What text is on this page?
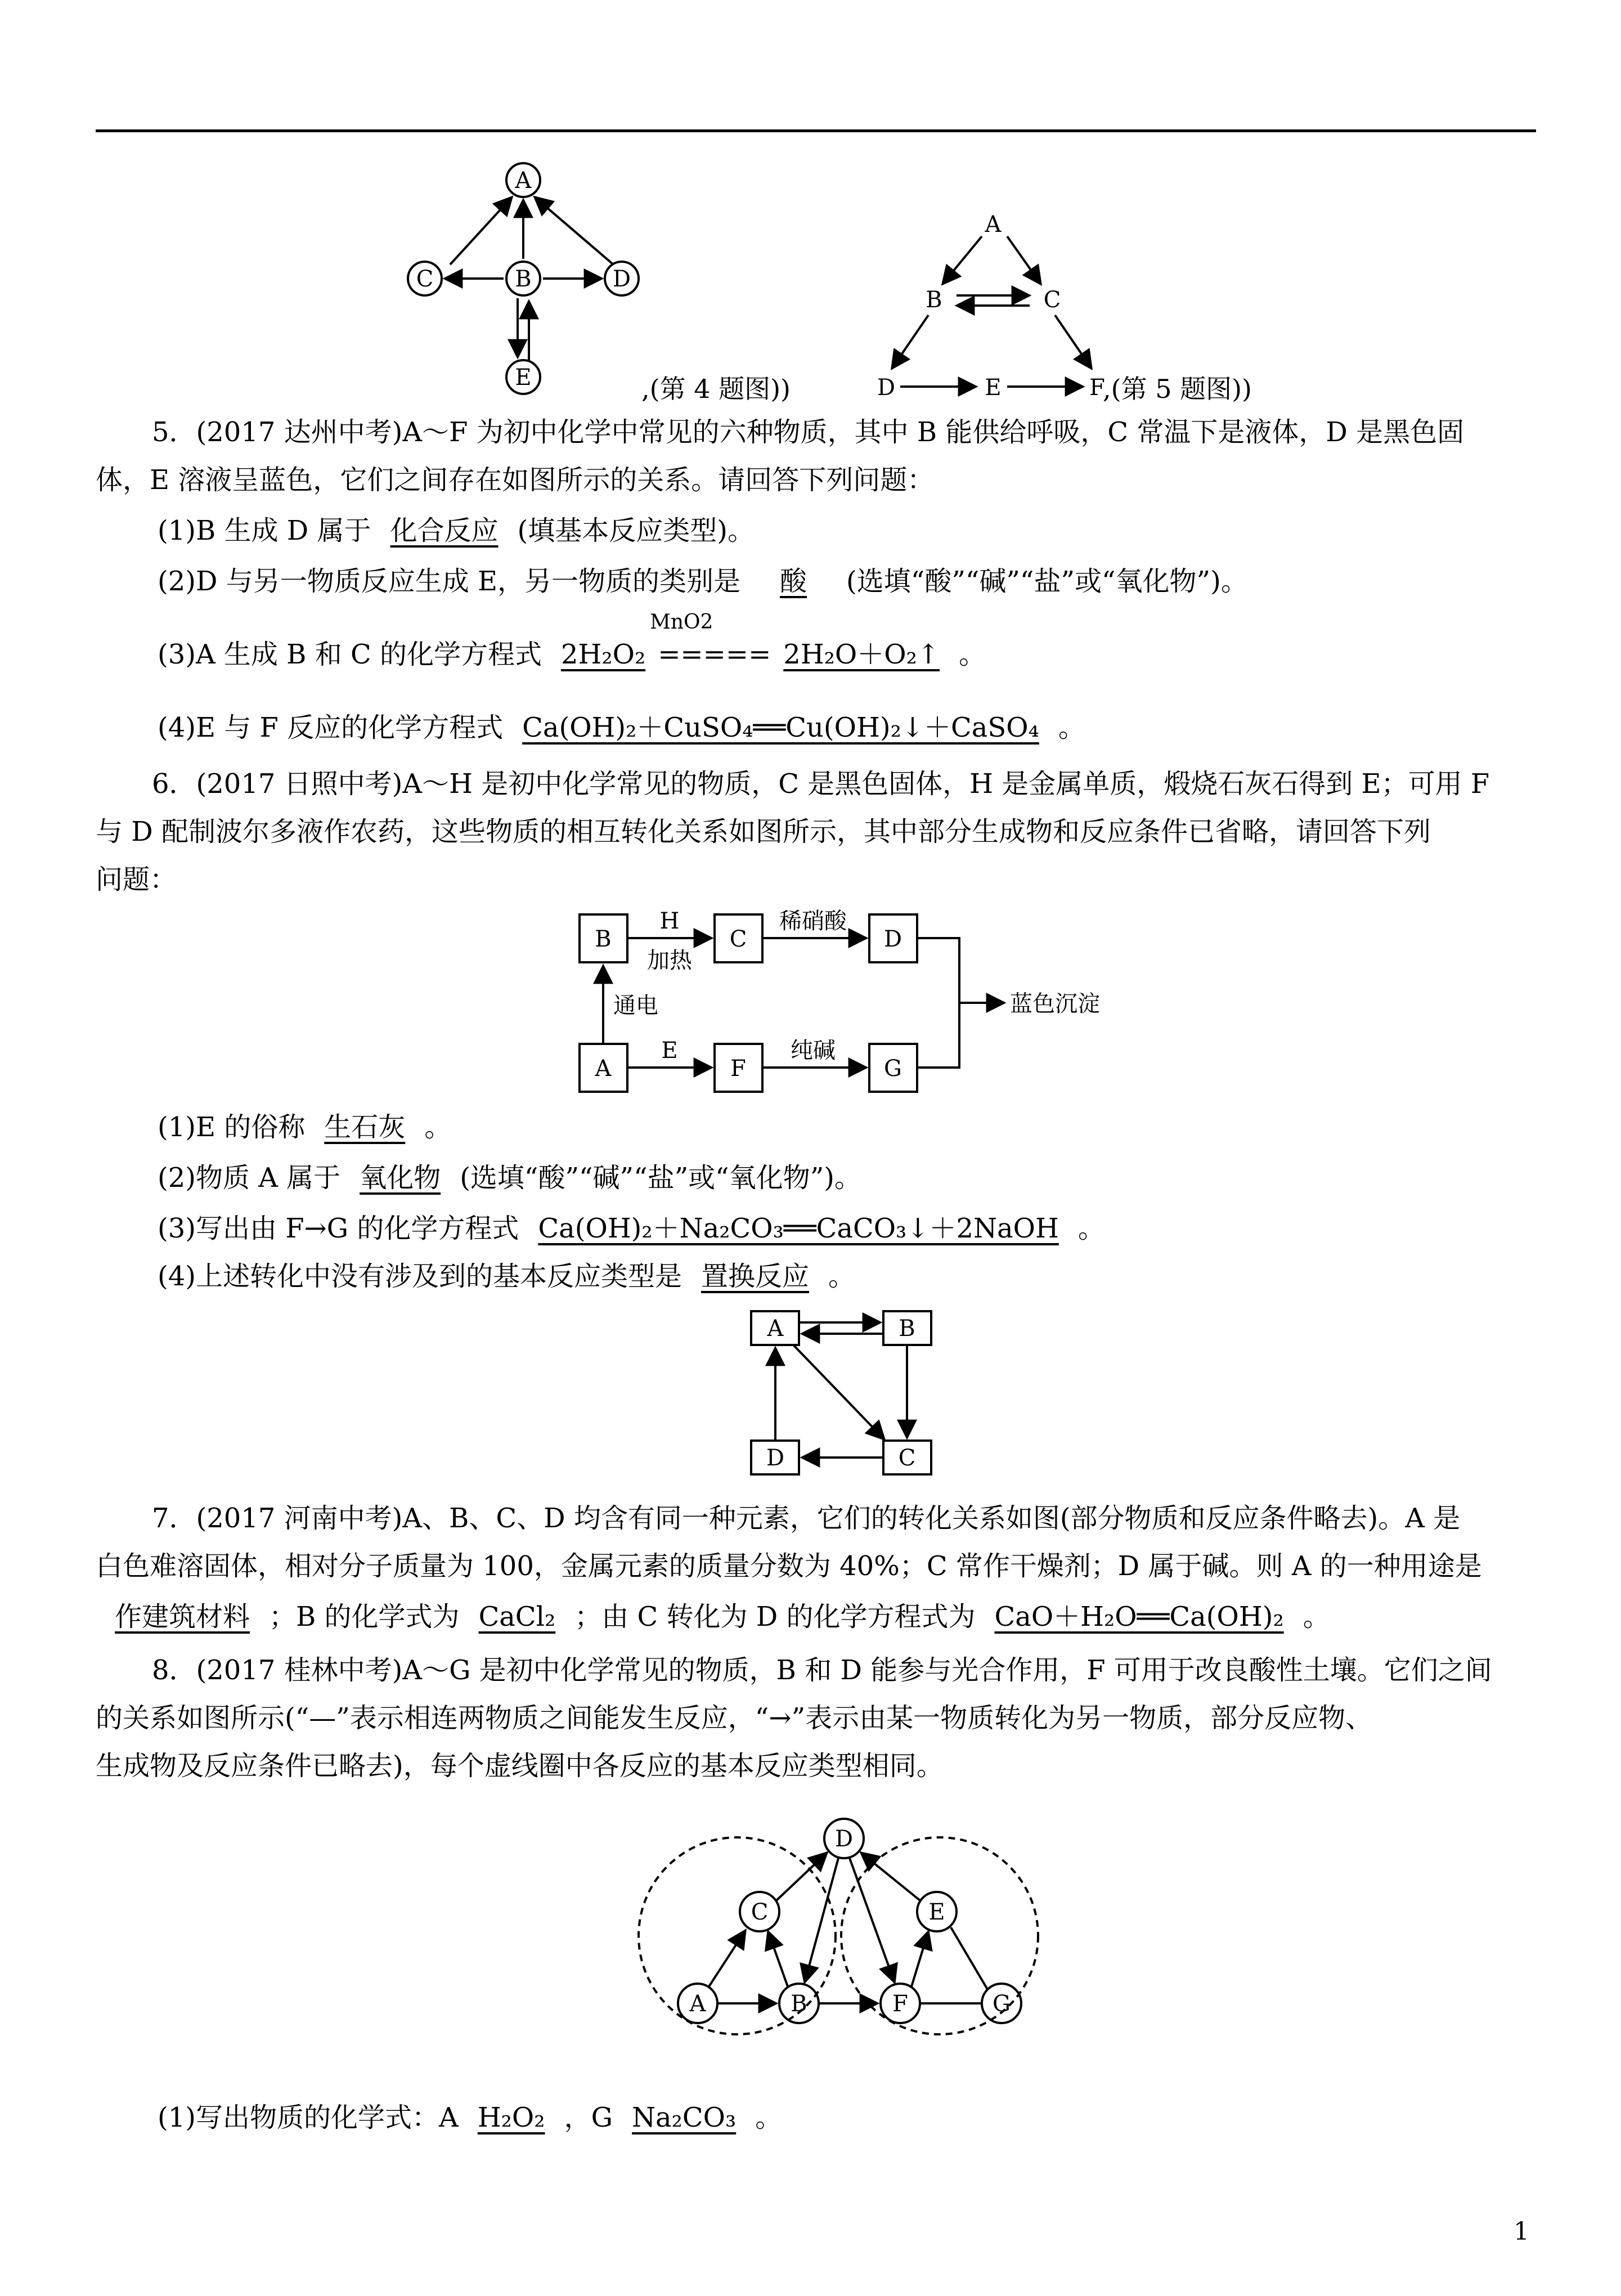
A
B
C	D
E
A
B	C
D	E	F
B	C	D
A	F	G
H
加热
稀硝酸
通电
E	纯碱
蓝色沉淀
A	B
C
D
D
C	E
A	B	F	G
,(第 4 题图))	,(第 5 题图))
5．(2017 达州中考)A～F 为初中化学中常见的六种物质，其中 B 能供给呼吸，C 常温下是液体，D 是黑色固
体，E 溶液呈蓝色，它们之间存在如图所示的关系。请回答下列问题：
(1)B 生成 D 属于 化合反应 (填基本反应类型)。
(2)D 与另一物质反应生成 E，另一物质的类别是 酸 (选填“酸”“碱”“盐”或“氧化物”)。
MnO2
(3)A 生成 B 和 C 的化学方程式 2H₂O₂ ===== 2H₂O＋O₂↑ 。
(4)E 与 F 反应的化学方程式 Ca(OH)₂＋CuSO₄══Cu(OH)₂↓＋CaSO₄ 。
6．(2017 日照中考)A～H 是初中化学常见的物质，C 是黑色固体，H 是金属单质，煅烧石灰石得到 E；可用 F
与 D 配制波尔多液作农药，这些物质的相互转化关系如图所示，其中部分生成物和反应条件已省略，请回答下列
问题：
(1)E 的俗称 生石灰 。
(2)物质 A 属于 氧化物 (选填“酸”“碱”“盐”或“氧化物”)。
(3)写出由 F→G 的化学方程式 Ca(OH)₂＋Na₂CO₃══CaCO₃↓＋2NaOH 。
(4)上述转化中没有涉及到的基本反应类型是 置换反应 。
7．(2017 河南中考)A、B、C、D 均含有同一种元素，它们的转化关系如图(部分物质和反应条件略去)。A 是
白色难溶固体，相对分子质量为 100，金属元素的质量分数为 40%；C 常作干燥剂；D 属于碱。则 A 的一种用途是
作建筑材料 ；B 的化学式为 CaCl₂ ；由 C 转化为 D 的化学方程式为 CaO＋H₂O══Ca(OH)₂ 。
8．(2017 桂林中考)A～G 是初中化学常见的物质，B 和 D 能参与光合作用，F 可用于改良酸性土壤。它们之间
的关系如图所示(“—”表示相连两物质之间能发生反应，“→”表示由某一物质转化为另一物质，部分反应物、
生成物及反应条件已略去)，每个虚线圈中各反应的基本反应类型相同。
(1)写出物质的化学式：A H₂O₂ ，G Na₂CO₃ 。
1
